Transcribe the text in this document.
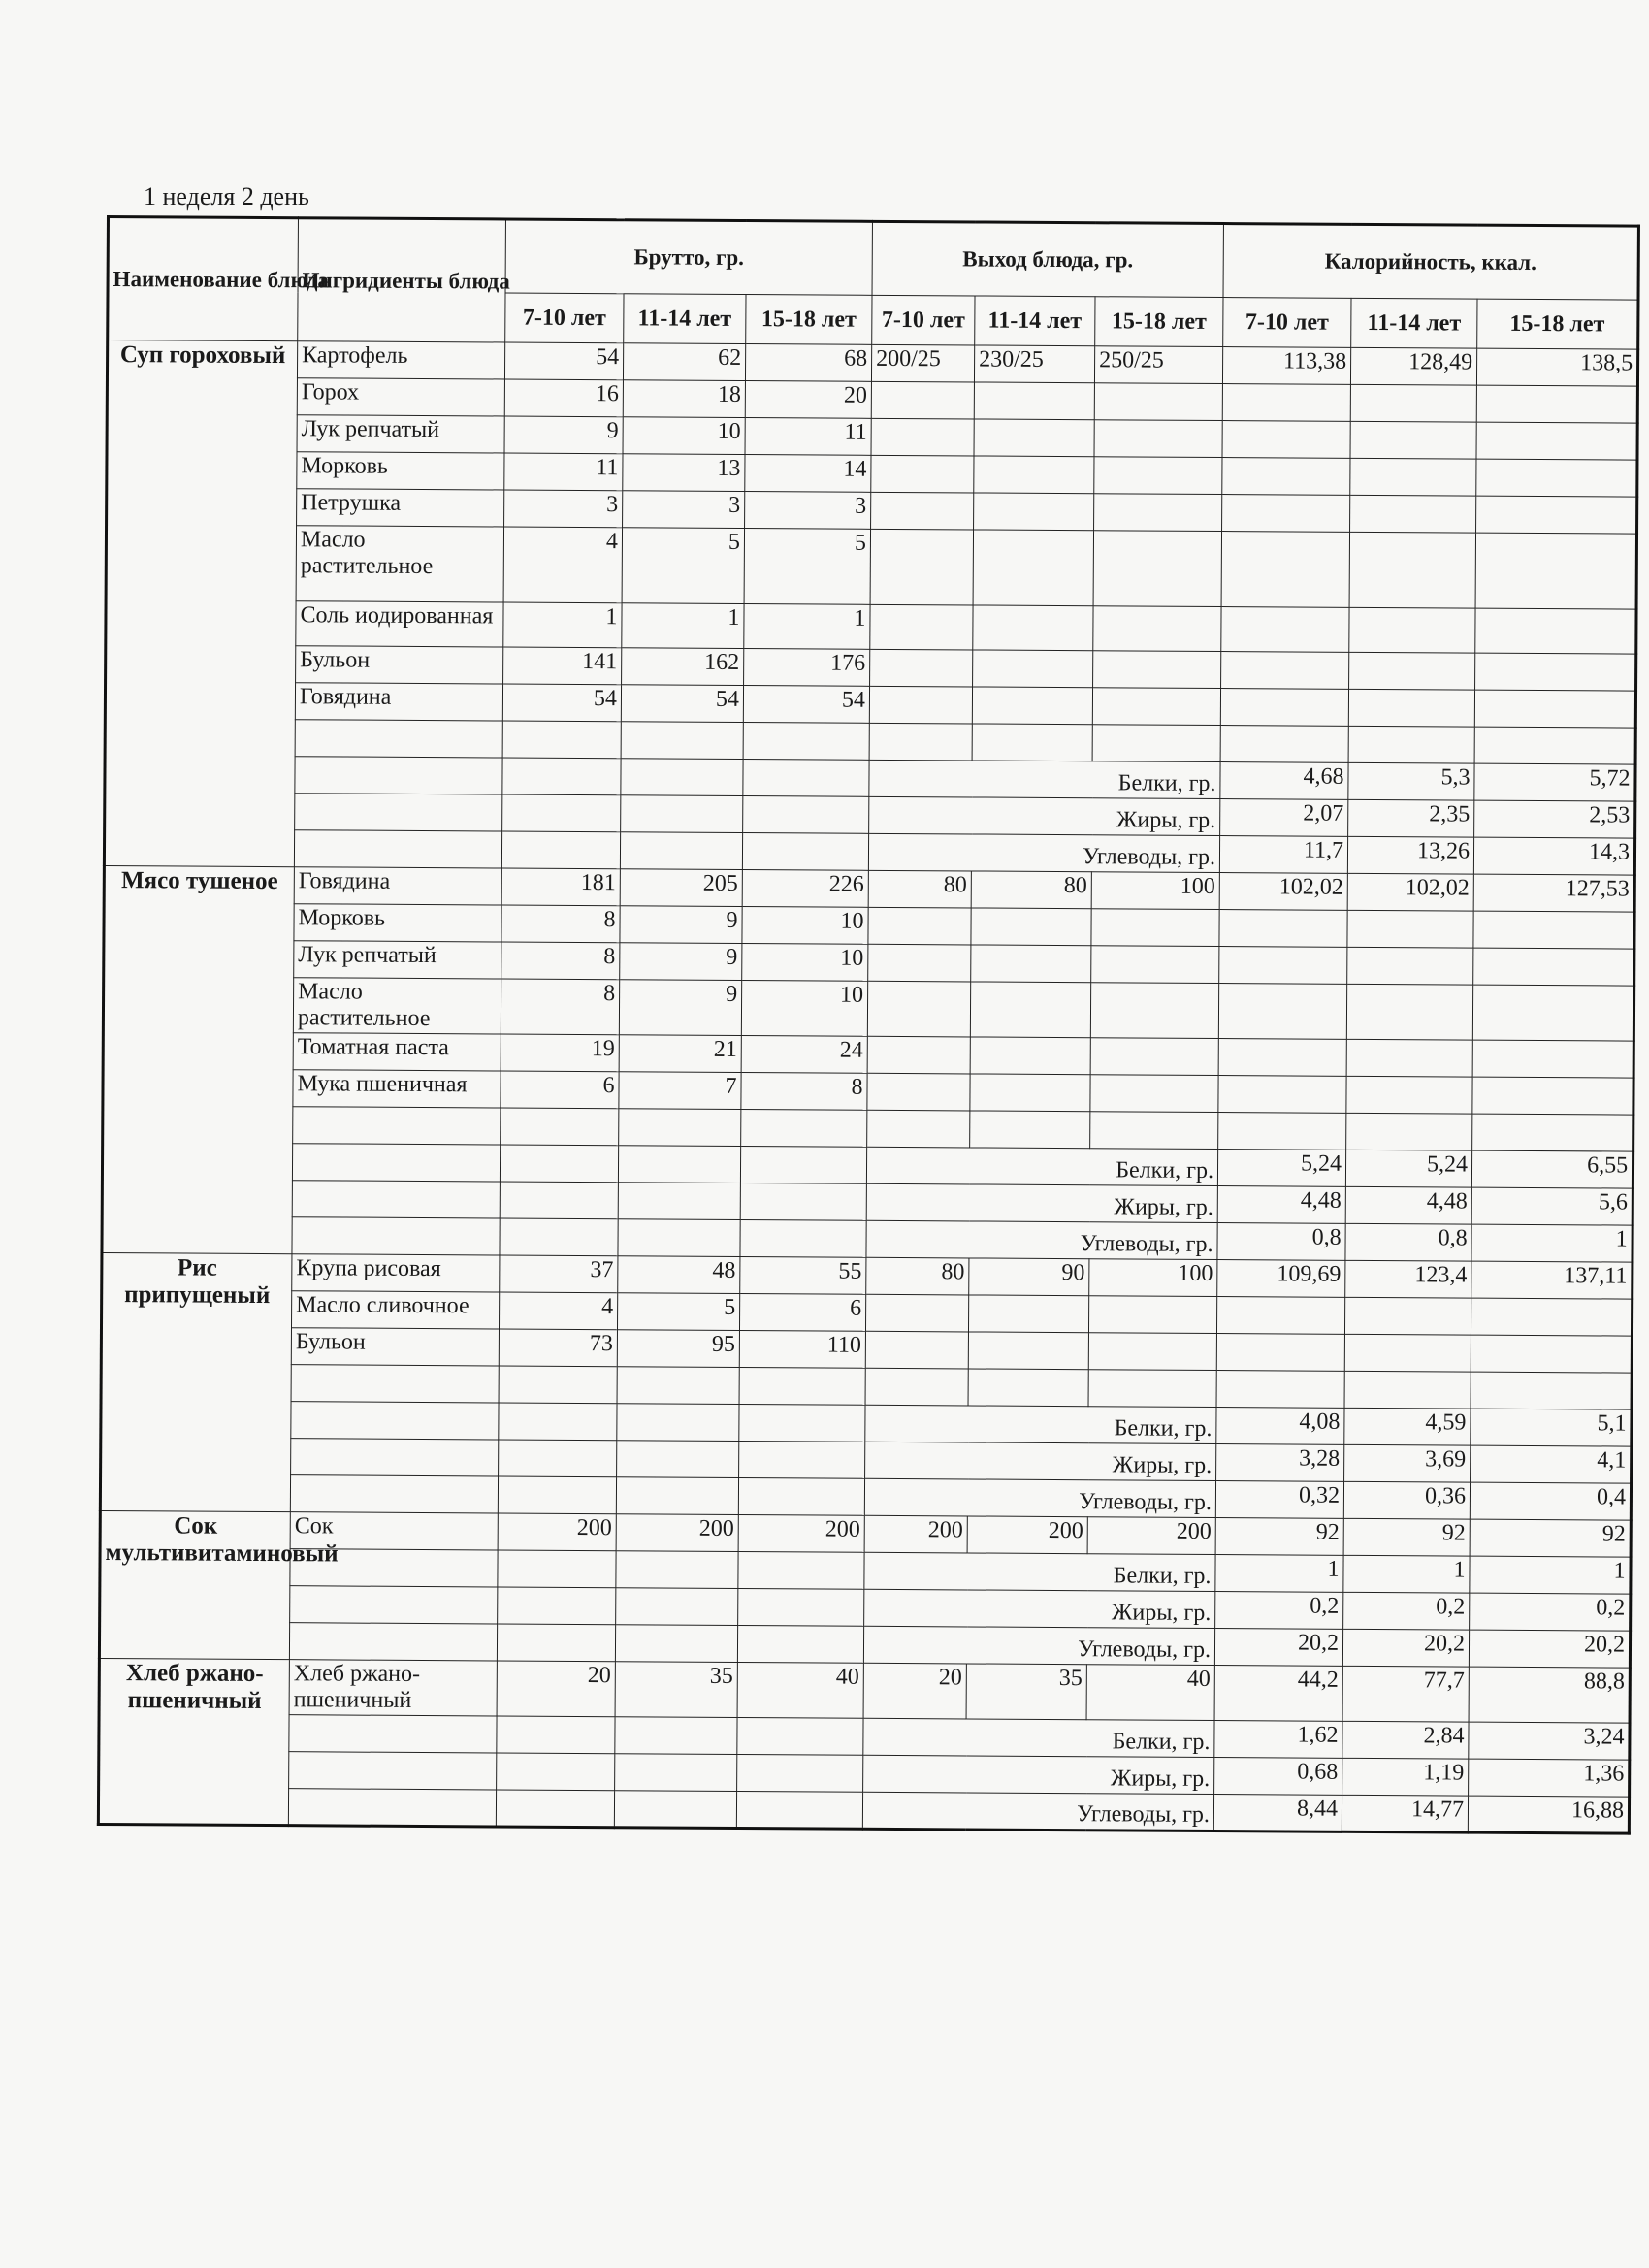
1 неделя 2 день
Наименование блюда	Ингридиенты блюда	Брутто, гр.			Выход блюда, гр.			Калорийность, ккал.		
		7-10 лет	11-14 лет	15-18 лет	7-10 лет	11-14 лет	15-18 лет	7-10 лет	11-14 лет	15-18 лет
Суп гороховый	Картофель	54	62	68	200/25	230/25	250/25	113,38	128,49	138,5
	Горох	16	18	20						
	Лук репчатый	9	10	11						
	Морковь	11	13	14						
	Петрушка	3	3	3						
	Масло растительное	4	5	5						
	Соль иодированная	1	1	1						
	Бульон	141	162	176						
	Говядина	54	54	54						

					Белки, гр.			4,68	5,3	5,72
					Жиры, гр.			2,07	2,35	2,53
					Углеводы, гр.			11,7	13,26	14,3
Мясо тушеное	Говядина	181	205	226	80	80	100	102,02	102,02	127,53
	Морковь	8	9	10						
	Лук репчатый	8	9	10						
	Масло растительное	8	9	10						
	Томатная паста	19	21	24						
	Мука пшеничная	6	7	8						

					Белки, гр.			5,24	5,24	6,55
					Жиры, гр.			4,48	4,48	5,6
					Углеводы, гр.			0,8	0,8	1
Рис припущеный	Крупа рисовая	37	48	55	80	90	100	109,69	123,4	137,11
	Масло сливочное	4	5	6						
	Бульон	73	95	110						

					Белки, гр.			4,08	4,59	5,1
					Жиры, гр.			3,28	3,69	4,1
					Углеводы, гр.			0,32	0,36	0,4
Сок мультивитаминовый	Сок	200	200	200	200	200	200	92	92	92
					Белки, гр.			1	1	1
					Жиры, гр.			0,2	0,2	0,2
					Углеводы, гр.			20,2	20,2	20,2
Хлеб ржано-пшеничный	Хлеб ржано-пшеничный	20	35	40	20	35	40	44,2	77,7	88,8
					Белки, гр.			1,62	2,84	3,24
					Жиры, гр.			0,68	1,19	1,36
					Углеводы, гр.			8,44	14,77	16,88
